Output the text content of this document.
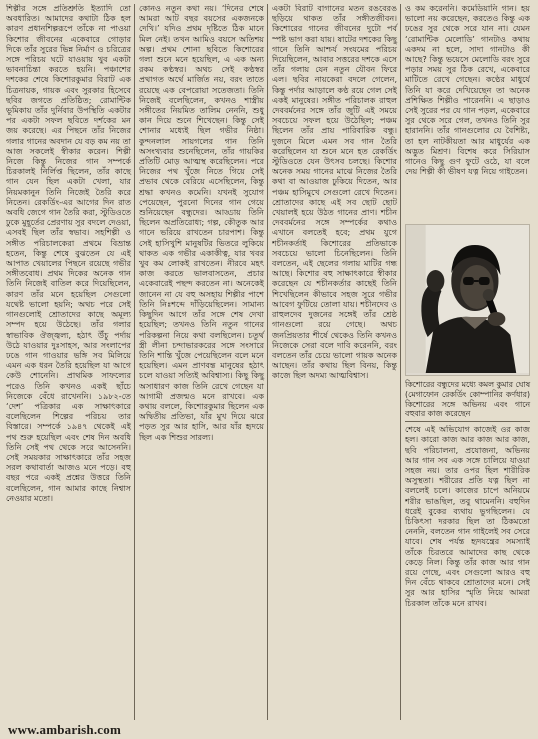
শিল্পীর সঙ্গে প্রতিশ্রুতি ইত্যাদি তো অবধারিত। আমাদের কথাটা ঠিক হল কারণ প্রধানশিল্পরূপে তাঁকে না পাওয়া কিশোর জীবনের একেবারে গোড়ার দিকে তাঁর সুরের ভিন্ন নির্মাণ ও চরিত্রের সঙ্গে পরিচয় ঘটে যাওয়ায় খুব একটা ভাবনাচিন্তা করতে হয়নি। পঞ্চাশের দশকের শেষে কিশোরকুমার বিরাট এক চিত্রনায়ক, গায়ক এবং সুরকার হিসেবে ছবির জগতে প্রতিষ্ঠিত; রোমান্টিক ভূমিকায় তাঁর দুর্নিবার উপস্থিতি একটার পর একটা সফল ছবিতে দর্শকের মন জয় করেছে। এর পিছনে তাঁর নিজের গলার গানের অবদান যে বড় কম নয় তা আজ সকলেই স্বীকার করেন। শিল্পী নিজে কিন্তু নিজের গান সম্পর্কে চিরকালই নির্লিপ্ত ছিলেন, তাঁর কাছে গান যেন ছিল একটা খেলা, যার নিয়মকানুন তিনি নিজেই তৈরি করে নিতেন। রেকর্ডিং-এর আগের দিন রাত অবধি জেগে গান তৈরি করা, স্টুডিওতে ঢুকে মুহূর্তের প্রেরণায় সুর বদলে দেওয়া, এসবই ছিল তাঁর স্বভাব। সহশিল্পী ও সঙ্গীত পরিচালকেরা প্রথমে বিভ্রান্ত হতেন, কিন্তু শেষে বুঝতেন যে এই আপাত খেয়ালের পিছনে রয়েছে গভীর সঙ্গীতবোধ। প্রথম দিকের অনেক গান তিনি নিজেই বাতিল করে দিয়েছিলেন, কারণ তাঁর মনে হয়েছিল সেগুলো যথেষ্ট ভালো হয়নি; অথচ পরে সেই গানগুলোই শ্রোতাদের কাছে অমূল্য সম্পদ হয়ে উঠেছে। তাঁর গলার স্বাভাবিক ঔজ্জ্বল্য, হঠাৎ উঁচু পর্দায় উঠে যাওয়ার দুঃসাহস, আর সংলাপের ঢঙে গান গাওয়ার ভঙ্গি সব মিলিয়ে এমন এক ধরন তৈরি হয়েছিল যা আগে কেউ শোনেনি। প্রাথমিক সাফল্যের পরেও তিনি কখনও একই ছাঁচে নিজেকে বেঁধে রাখেননি। ১৯৮২-তে ‘দেশ’ পত্রিকার এক সাক্ষাৎকারে বলেছিলেন শিল্পের পরিচয় তার বিস্তারে। সম্পর্কে ১৯৪৭ থেকেই এই পথ শুরু হয়েছিল এবং শেষ দিন অবধি তিনি সেই পথ থেকে সরে আসেননি। সেই সময়কার সাক্ষাৎকারে তাঁর সহজ সরল কথাবার্তা আজও মনে পড়ে। বহু বছর পরে একই প্রশ্নের উত্তরে তিনি বলেছিলেন, গান আমার কাছে নিশ্বাস নেওয়ার মতো।

কোনও নতুন কথা নয়। ‘দিনের শেষে আমরা আট বছর বয়সের একজনকে দেখি।’ যদিও প্রথম দৃষ্টিতে ঠিক মানে মিল নেই। তখন আমিও বয়সে অতিশয় অল্প। প্রথম শোনা ছবিতে কিশোরের গলা শুনে মনে হয়েছিল, এ এক অন্য রকম কণ্ঠস্বর। অথচ সেই কণ্ঠস্বর প্রথাগত অর্থে মার্জিত নয়, বরং তাতে রয়েছে এক বেপরোয়া সতেজতা। তিনি নিজেই বলেছিলেন, কখনও শাস্ত্রীয় সঙ্গীতের নিয়মিত তালিম নেননি, শুধু কান দিয়ে শুনে শিখেছেন। কিন্তু সেই শোনার মধ্যেই ছিল গভীর নিষ্ঠা। কুন্দনলাল সায়গলের গান তিনি অসংখ্যবার শুনেছিলেন, তাঁর গায়কির প্রতিটি মোড় আত্মস্থ করেছিলেন। পরে নিজের পথ খুঁজে নিতে গিয়ে সেই প্রভাব থেকে বেরিয়ে এসেছিলেন, কিন্তু শ্রদ্ধা কখনও কমেনি। যখনই সুযোগ পেয়েছেন, পুরনো দিনের গান গেয়ে শুনিয়েছেন বন্ধুদের। আড্ডায় তিনি ছিলেন অপ্রতিরোধ্য; গল্প, কৌতুক আর গানে ভরিয়ে রাখতেন চারপাশ। কিন্তু সেই হাসিখুশি মানুষটির ভিতরে লুকিয়ে থাকত এক গভীর একাকীত্ব, যার খবর খুব কম লোকই রাখতেন। নীরবে মহৎ কাজ করতে ভালবাসতেন, প্রচার একেবারেই পছন্দ করতেন না। অনেকেই জানেন না যে বহু অসহায় শিল্পীর পাশে তিনি নিঃশব্দে দাঁড়িয়েছিলেন। সামান্য কিছুদিন আগে তাঁর সঙ্গে শেষ দেখা হয়েছিল; তখনও তিনি নতুন গানের পরিকল্পনা নিয়ে কথা বলছিলেন। চতুর্থ স্ত্রী লীনা চন্দাভারকরের সঙ্গে সংসারে তিনি শান্তি খুঁজে পেয়েছিলেন বলে মনে হয়েছিল। এমন প্রাণবন্ত মানুষের হঠাৎ চলে যাওয়া সত্যিই অবিশ্বাস্য। কিছু কিছু অসাধারণ কাজ তিনি রেখে গেছেন যা আগামী প্রজন্মও মনে রাখবে। এক কথায় বললে, কিশোরকুমার ছিলেন এক অদ্বিতীয় প্রতিভা, যাঁর মুখ দিয়ে ঝরে পড়ত সুর আর হাসি, আর যাঁর হৃদয়ে ছিল এক শিশুর সারল্য।

একটা বিরাট বাগানের মতন রঙবেরঙ ছড়িয়ে থাকত তাঁর সঙ্গীতজীবন। কিশোরের গানের জীবনের দুটো পর্ব স্পষ্ট ভাগ করা যায়। ষাটের দশকের কিছু গানে তিনি আশ্চর্য সংযমের পরিচয় দিয়েছিলেন, আবার সত্তরের দশকে এসে তাঁর গলায় যেন নতুন যৌবন ফিরে এল। ছবির নায়কেরা বদলে গেলেন, কিন্তু পর্দার আড়ালে কণ্ঠ রয়ে গেল সেই একই মানুষের। সঙ্গীত পরিচালক রাহুল দেববর্মনের সঙ্গে তাঁর জুটি এই সময়ে সবচেয়ে সফল হয়ে উঠেছিল; পঞ্চম ছিলেন তাঁর প্রায় পারিবারিক বন্ধু। দুজনে মিলে এমন সব গান তৈরি করেছিলেন যা শুনে মনে হত রেকর্ডিং স্টুডিওতে যেন উৎসব চলছে। কিশোর অনেক সময় গানের মাঝে নিজের তৈরি কথা বা আওয়াজ ঢুকিয়ে দিতেন, আর পঞ্চম হাসিমুখে সেগুলো রেখে দিতেন। শ্রোতাদের কাছে এই সব ছোট ছোট খেয়ালই হয়ে উঠত গানের প্রাণ। শচীন দেববর্মনের সঙ্গে সম্পর্কের কথাও এখানে বলতেই হবে; প্রথম যুগে শচীনকর্তাই কিশোরের প্রতিভাকে সবচেয়ে ভালো চিনেছিলেন। তিনি বলতেন, এই ছেলের গলায় মাটির গন্ধ আছে। কিশোর বহু সাক্ষাৎকারে স্বীকার করেছেন যে শচীনকর্তার কাছেই তিনি শিখেছিলেন কীভাবে সহজ সুরে গভীর আবেগ ফুটিয়ে তোলা যায়। শচীনদেব ও রাহুলদেব দুজনের সঙ্গেই তাঁর শ্রেষ্ঠ গানগুলো রয়ে গেছে। অথচ জনপ্রিয়তার শীর্ষে থেকেও তিনি কখনও নিজেকে সেরা বলে দাবি করেননি, বরং বলতেন তাঁর চেয়ে ভালো গায়ক অনেক আছেন। তাঁর কথায় ছিল বিনয়, কিন্তু কাজে ছিল অদম্য আত্মবিশ্বাস।

ও কম করেননি। কমেডিয়ানি গান। হয় ভালো নয় করেছেন, করতেও কিন্তু এক ঢঙের সুর থেকে সরে যান না। যেমন ‘রোমান্টিক মেলোডি’ গানটাও কথায় একদম না হলে, সাদা গানটাও কী আছে? কিন্তু ভয়েসে মেলোডি বরং সুরে পড়ার সময় সুর ঠিক রেখে, একেবারে মাটিতে রেখে গেছেন। কণ্ঠের মাধুর্যে তিনি যা করে দেখিয়েছেন তা অনেক প্রশিক্ষিত শিল্পীও পারেননি। এ ছাড়াও সেই সুরের পর যে গান পড়ল, একেবারে সুর থেকে সরে গেল, তখনও তিনি সুর হারাননি। তাঁর গানগুলোর যে বৈশিষ্ট্য, তা হল নাটকীয়তা আর মাধুর্যের এক অদ্ভুত মিশ্রণ। বিশেষ করে সিরিয়াস গানেও কিছু গুণ ফুটে ওঠে, যা বলে দেয় শিল্পী কী ভীষণ যত্ন নিয়ে গাইতেন।

কিশোরের বন্ধুদের মধ্যে কমল কুমার ঘোষ (মেগাফোন রেকর্ডিং কোম্পানির কর্ণধার) কিশোরের সঙ্গে অভিনয় এবং গানে বহুবার কাজ করেছেন

শেষে এই অভিযোগ কাজেই ওর কাজ হল। কারো কাজ আর কাজ আর কাজ, ছবি পরিচালনা, প্রযোজনা, অভিনয় আর গান সব এক সঙ্গে চালিয়ে যাওয়া সহজ নয়। তার ওপর ছিল শারীরিক অসুস্থতা। শরীরের প্রতি যত্ন ছিল না বললেই চলে। কাজের চাপে অনিয়মে শরীর ভাঙছিল, তবু থামেননি। বহুদিন ধরেই বুকের ব্যথায় ভুগছিলেন। যে চিকিৎসা দরকার ছিল তা ঠিকমতো নেননি, বলতেন গান গাইলেই সব সেরে যাবে। শেষ পর্যন্ত হৃদযন্ত্রের সমস্যাই তাঁকে চিরতরে আমাদের কাছ থেকে কেড়ে নিল। কিন্তু তাঁর কাজ আর গান রয়ে গেছে, এবং সেগুলো আরও বহু দিন বেঁচে থাকবে শ্রোতাদের মনে। সেই সুর আর হাসির স্মৃতি নিয়ে আমরা চিরকাল তাঁকে মনে রাখব।

www.ambarish.com
